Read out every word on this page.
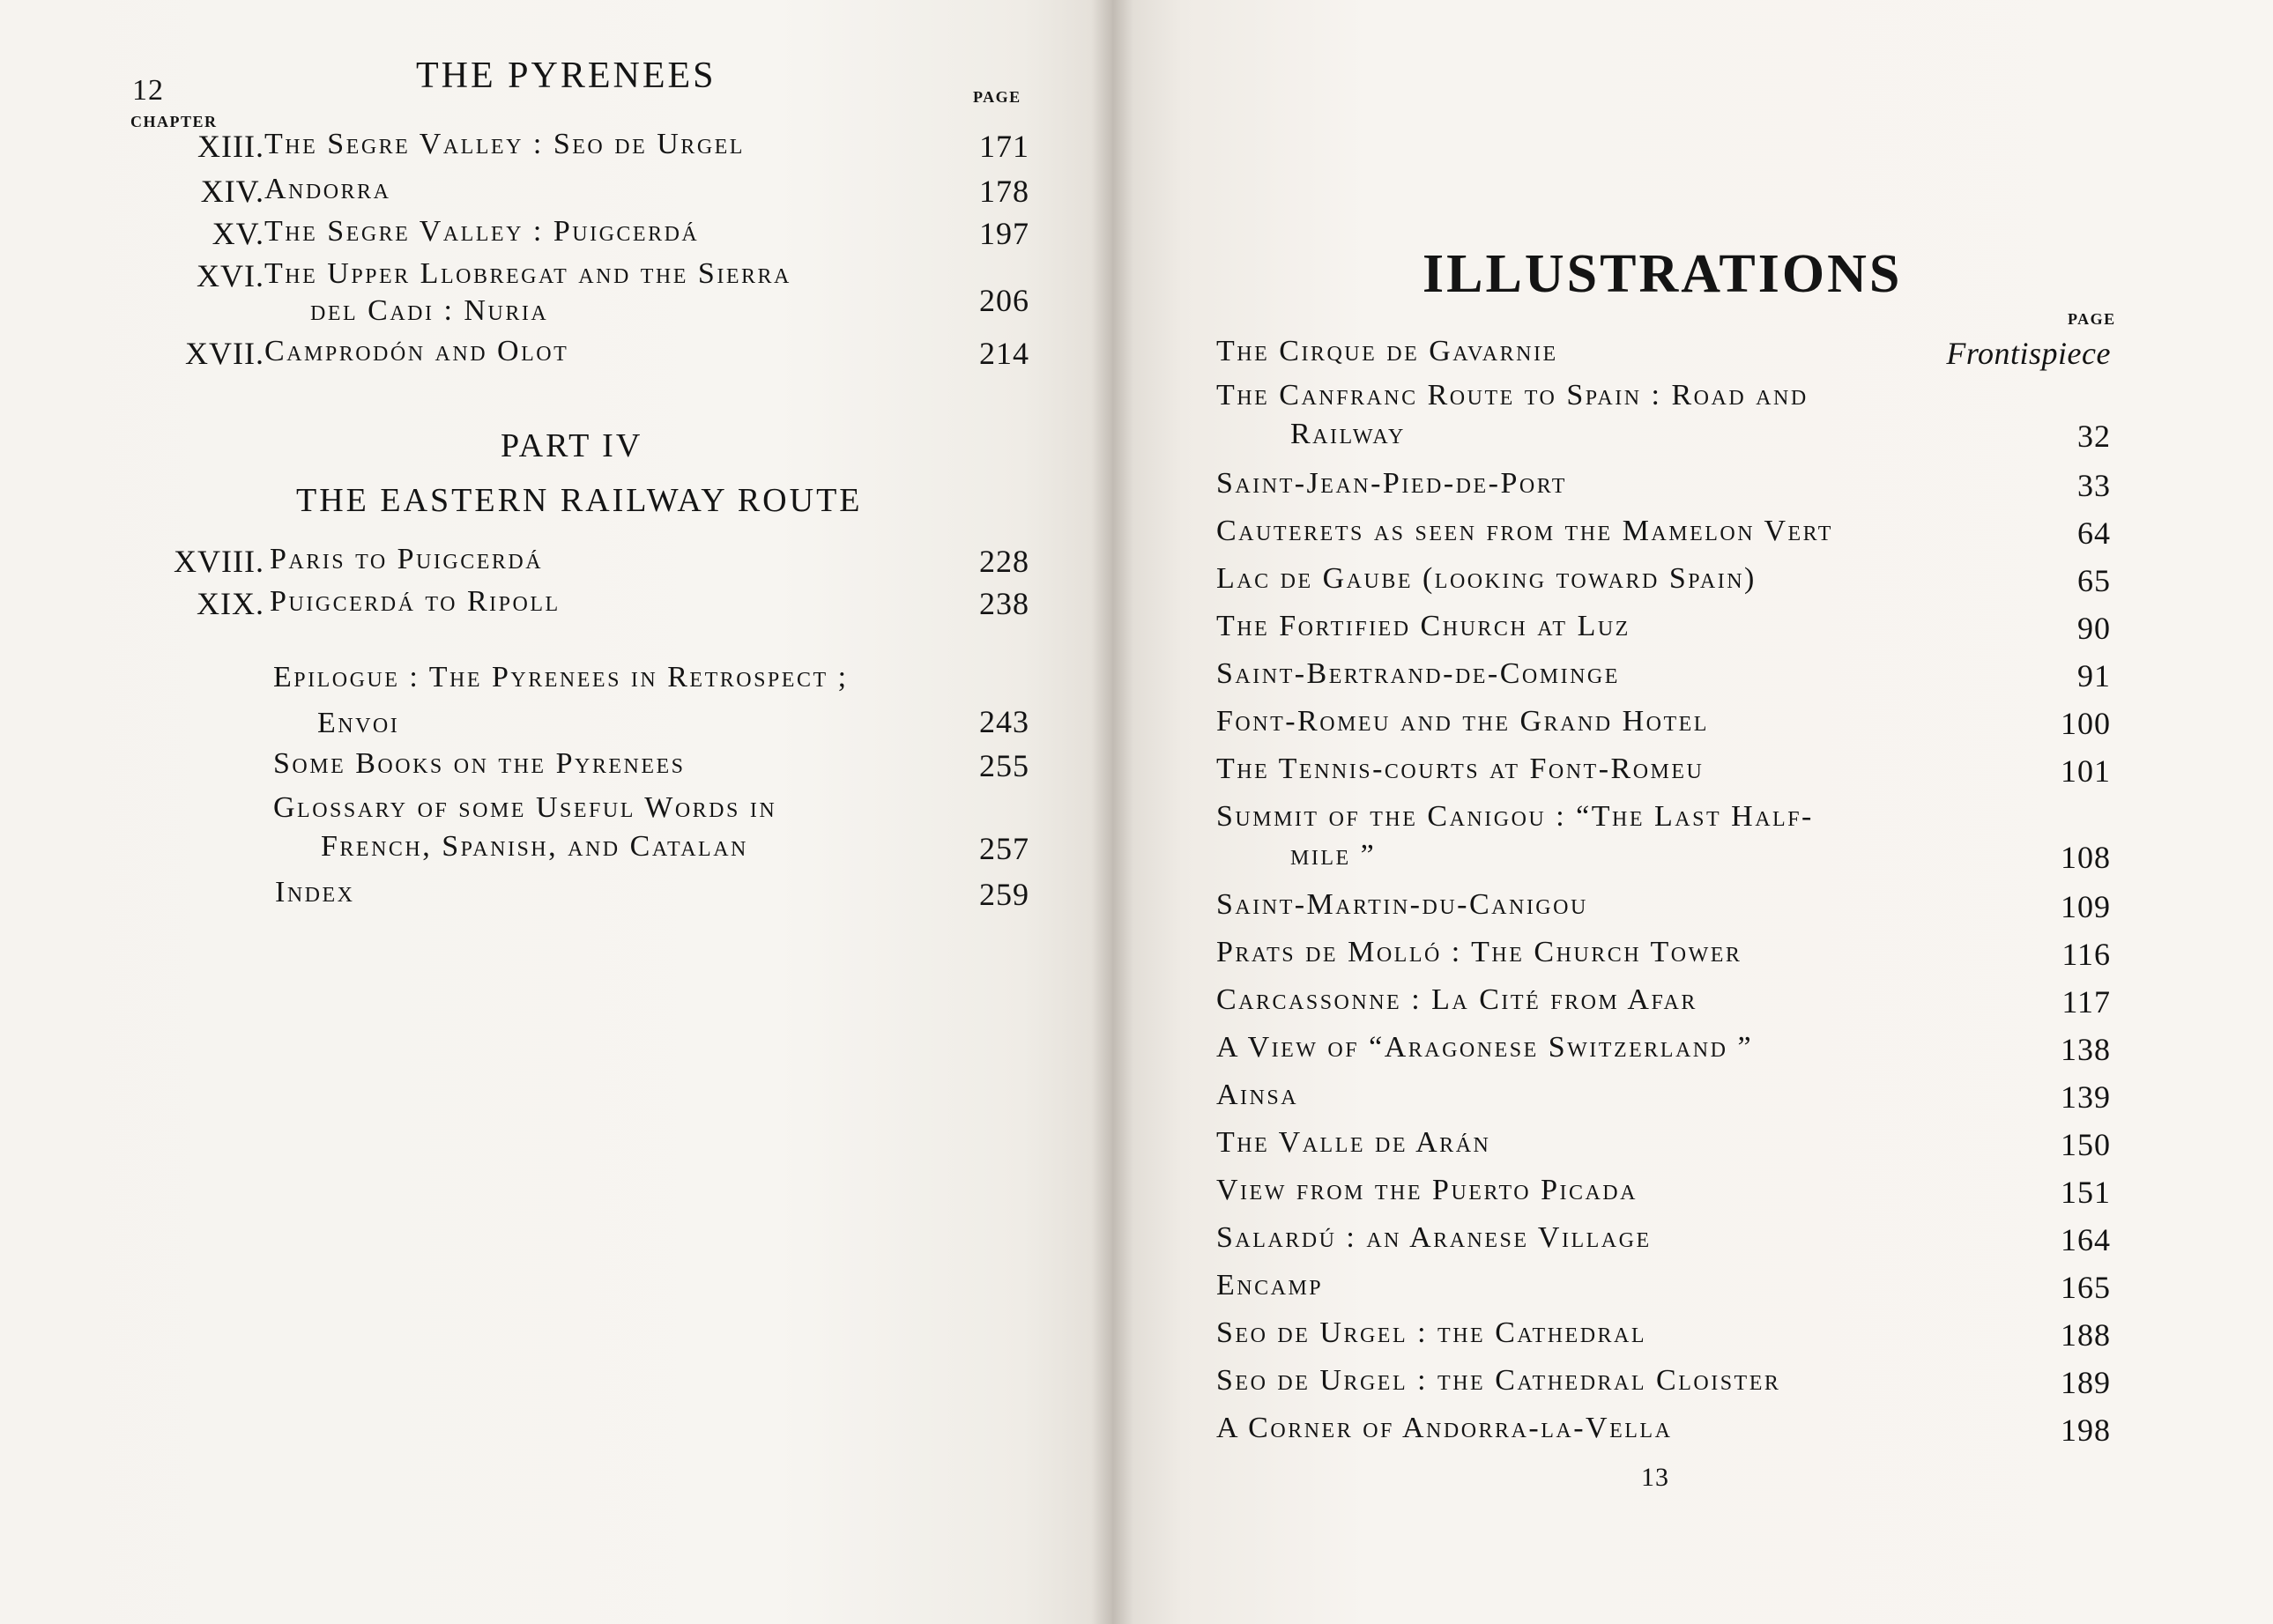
12	THE PYRENEES
CHAPTER
PAGE
XIII. The Segre Valley : Seo de Urgel	171
XIV. Andorra	178
XV. The Segre Valley : Puigcerdá	197
XVI. The Upper Llobregat and the Sierra
del Cadi : Nuria	206
XVII. Camprodón and Olot	214
PART IV
THE EASTERN RAILWAY ROUTE
XVIII. Paris to Puigcerdá	228
XIX. Puigcerdá to Ripoll	238
Epilogue : The Pyrenees in Retrospect ;
Envoi	243
Some Books on the Pyrenees	255
Glossary of some Useful Words in
French, Spanish, and Catalan	257
Index	259
ILLUSTRATIONS
PAGE
The Cirque de Gavarnie	Frontispiece
The Canfranc Route to Spain : Road and
Railway	32
Saint-Jean-Pied-de-Port	33
Cauterets as seen from the Mamelon Vert	64
Lac de Gaube (looking toward Spain)	65
The Fortified Church at Luz	90
Saint-Bertrand-de-Cominge	91
Font-Romeu and the Grand Hotel	100
The Tennis-courts at Font-Romeu	101
Summit of the Canigou : “The Last Half-
mile ”	108
Saint-Martin-du-Canigou	109
Prats de Molló : The Church Tower	116
Carcassonne : La Cité from Afar	117
A View of “Aragonese Switzerland ”	138
Ainsa	139
The Valle de Arán	150
View from the Puerto Picada	151
Salardú : an Aranese Village	164
Encamp	165
Seo de Urgel : the Cathedral	188
Seo de Urgel : the Cathedral Cloister	189
A Corner of Andorra-la-Vella	198
13
